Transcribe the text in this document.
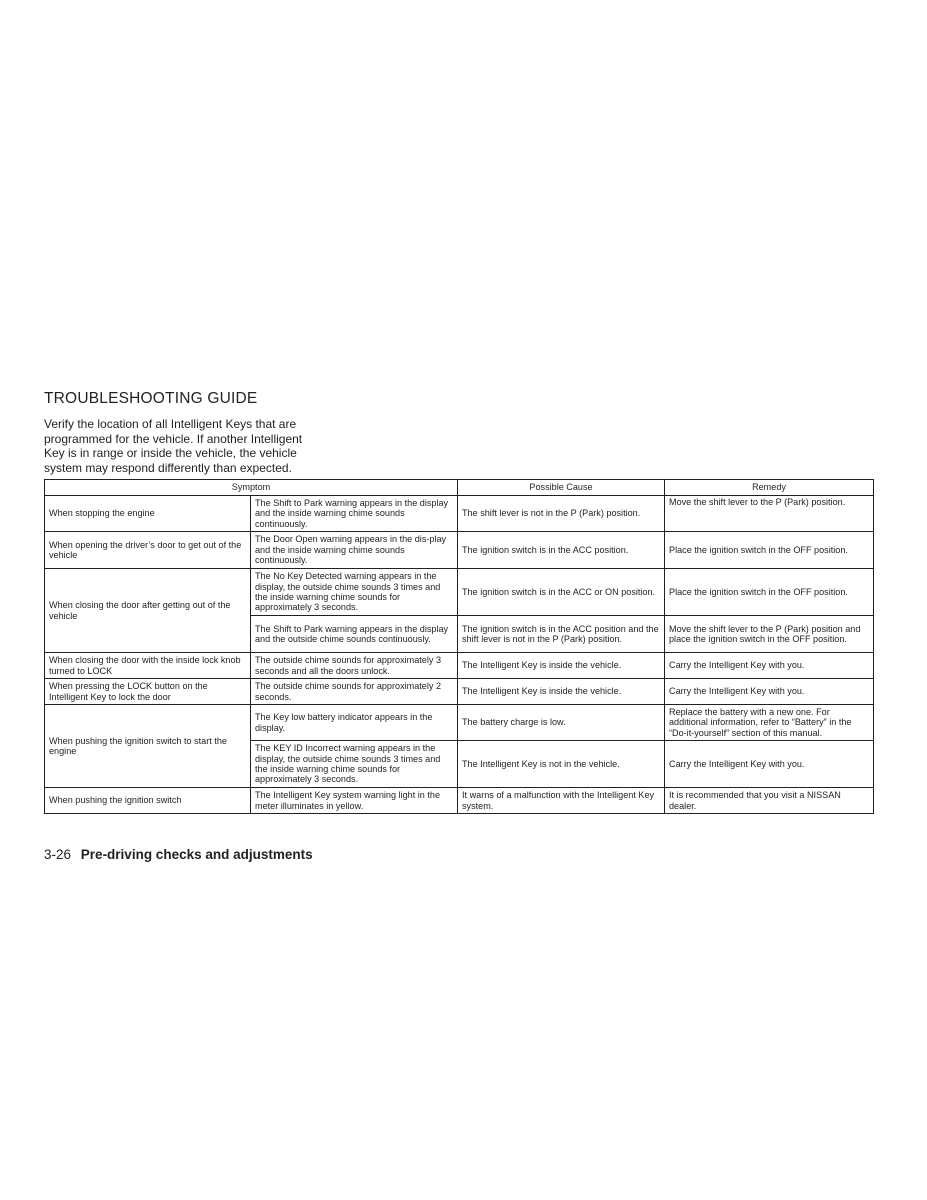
TROUBLESHOOTING GUIDE

Verify the location of all Intelligent Keys that are programmed for the vehicle. If another Intelligent Key is in range or inside the vehicle, the vehicle system may respond differently than expected.

Symptom		Possible Cause	Remedy
When stopping the engine	The Shift to Park warning appears in the display and the inside warning chime sounds continuously.	The shift lever is not in the P (Park) position.	Move the shift lever to the P (Park) position.
When opening the driver’s door to get out of the vehicle	The Door Open warning appears in the dis-play and the inside warning chime sounds continuously.	The ignition switch is in the ACC position.	Place the ignition switch in the OFF position.
When closing the door after getting out of the vehicle	The No Key Detected warning appears in the display, the outside chime sounds 3 times and the inside warning chime sounds for approximately 3 seconds.	The ignition switch is in the ACC or ON position.	Place the ignition switch in the OFF position.
	The Shift to Park warning appears in the display and the outside chime sounds continuously.	The ignition switch is in the ACC position and the shift lever is not in the P (Park) position.	Move the shift lever to the P (Park) position and place the ignition switch in the OFF position.
When closing the door with the inside lock knob turned to LOCK	The outside chime sounds for approximately 3 seconds and all the doors unlock.	The Intelligent Key is inside the vehicle.	Carry the Intelligent Key with you.
When pressing the LOCK button on the Intelligent Key to lock the door	The outside chime sounds for approximately 2 seconds.	The Intelligent Key is inside the vehicle.	Carry the Intelligent Key with you.
When pushing the ignition switch to start the engine	The Key low battery indicator appears in the display.	The battery charge is low.	Replace the battery with a new one. For additional information, refer to “Battery” in the “Do-it-yourself” section of this manual.
	The KEY ID Incorrect warning appears in the display, the outside chime sounds 3 times and the inside warning chime sounds for approximately 3 seconds.	The Intelligent Key is not in the vehicle.	Carry the Intelligent Key with you.
When pushing the ignition switch	The Intelligent Key system warning light in the meter illuminates in yellow.	It warns of a malfunction with the Intelligent Key system.	It is recommended that you visit a NISSAN dealer.

3-26 Pre-driving checks and adjustments
